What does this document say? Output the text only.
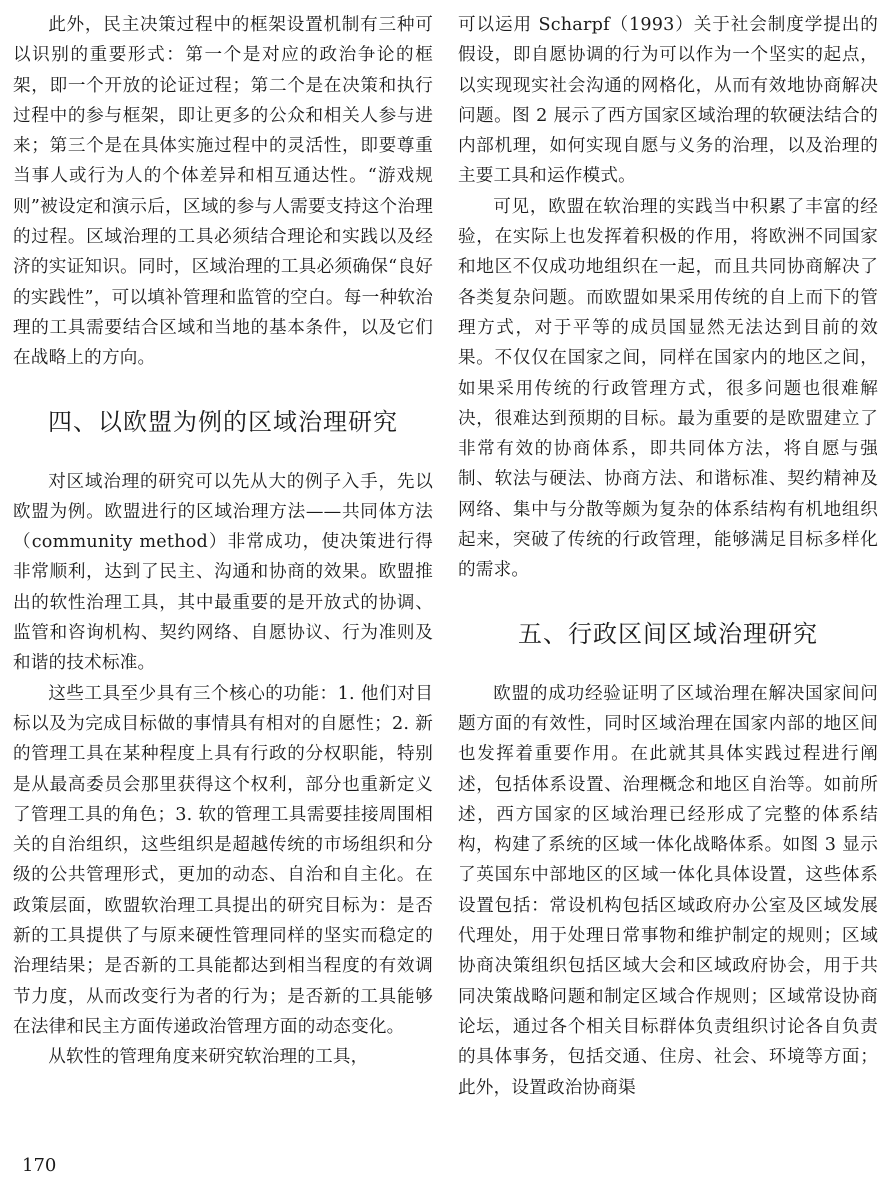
此外，民主决策过程中的框架设置机制有三种可以识别的重要形式：第一个是对应的政治争论的框架，即一个开放的论证过程；第二个是在决策和执行过程中的参与框架，即让更多的公众和相关人参与进来；第三个是在具体实施过程中的灵活性，即要尊重当事人或行为人的个体差异和相互通达性。“游戏规则”被设定和演示后，区域的参与人需要支持这个治理的过程。区域治理的工具必须结合理论和实践以及经济的实证知识。同时，区域治理的工具必须确保“良好的实践性”，可以填补管理和监管的空白。每一种软治理的工具需要结合区域和当地的基本条件，以及它们在战略上的方向。

四、以欧盟为例的区域治理研究

对区域治理的研究可以先从大的例子入手，先以欧盟为例。欧盟进行的区域治理方法——共同体方法（community method）非常成功，使决策进行得非常顺利，达到了民主、沟通和协商的效果。欧盟推出的软性治理工具，其中最重要的是开放式的协调、监管和咨询机构、契约网络、自愿协议、行为准则及和谐的技术标准。

这些工具至少具有三个核心的功能：1. 他们对目标以及为完成目标做的事情具有相对的自愿性；2. 新的管理工具在某种程度上具有行政的分权职能，特别是从最高委员会那里获得这个权利，部分也重新定义了管理工具的角色；3. 软的管理工具需要挂接周围相关的自治组织，这些组织是超越传统的市场组织和分级的公共管理形式，更加的动态、自治和自主化。在政策层面，欧盟软治理工具提出的研究目标为：是否新的工具提供了与原来硬性管理同样的坚实而稳定的治理结果；是否新的工具能都达到相当程度的有效调节力度，从而改变行为者的行为；是否新的工具能够在法律和民主方面传递政治管理方面的动态变化。

从软性的管理角度来研究软治理的工具，

可以运用 Scharpf（1993）关于社会制度学提出的假设，即自愿协调的行为可以作为一个坚实的起点，以实现现实社会沟通的网格化，从而有效地协商解决问题。图 2 展示了西方国家区域治理的软硬法结合的内部机理，如何实现自愿与义务的治理，以及治理的主要工具和运作模式。

可见，欧盟在软治理的实践当中积累了丰富的经验，在实际上也发挥着积极的作用，将欧洲不同国家和地区不仅成功地组织在一起，而且共同协商解决了各类复杂问题。而欧盟如果采用传统的自上而下的管理方式，对于平等的成员国显然无法达到目前的效果。不仅仅在国家之间，同样在国家内的地区之间，如果采用传统的行政管理方式，很多问题也很难解决，很难达到预期的目标。最为重要的是欧盟建立了非常有效的协商体系，即共同体方法，将自愿与强制、软法与硬法、协商方法、和谐标准、契约精神及网络、集中与分散等颇为复杂的体系结构有机地组织起来，突破了传统的行政管理，能够满足目标多样化的需求。

五、行政区间区域治理研究

欧盟的成功经验证明了区域治理在解决国家间问题方面的有效性，同时区域治理在国家内部的地区间也发挥着重要作用。在此就其具体实践过程进行阐述，包括体系设置、治理概念和地区自治等。如前所述，西方国家的区域治理已经形成了完整的体系结构，构建了系统的区域一体化战略体系。如图 3 显示了英国东中部地区的区域一体化具体设置，这些体系设置包括：常设机构包括区域政府办公室及区域发展代理处，用于处理日常事物和维护制定的规则；区域协商决策组织包括区域大会和区域政府协会，用于共同决策战略问题和制定区域合作规则；区域常设协商论坛，通过各个相关目标群体负责组织讨论各自负责的具体事务，包括交通、住房、社会、环境等方面；此外，设置政治协商渠

170
